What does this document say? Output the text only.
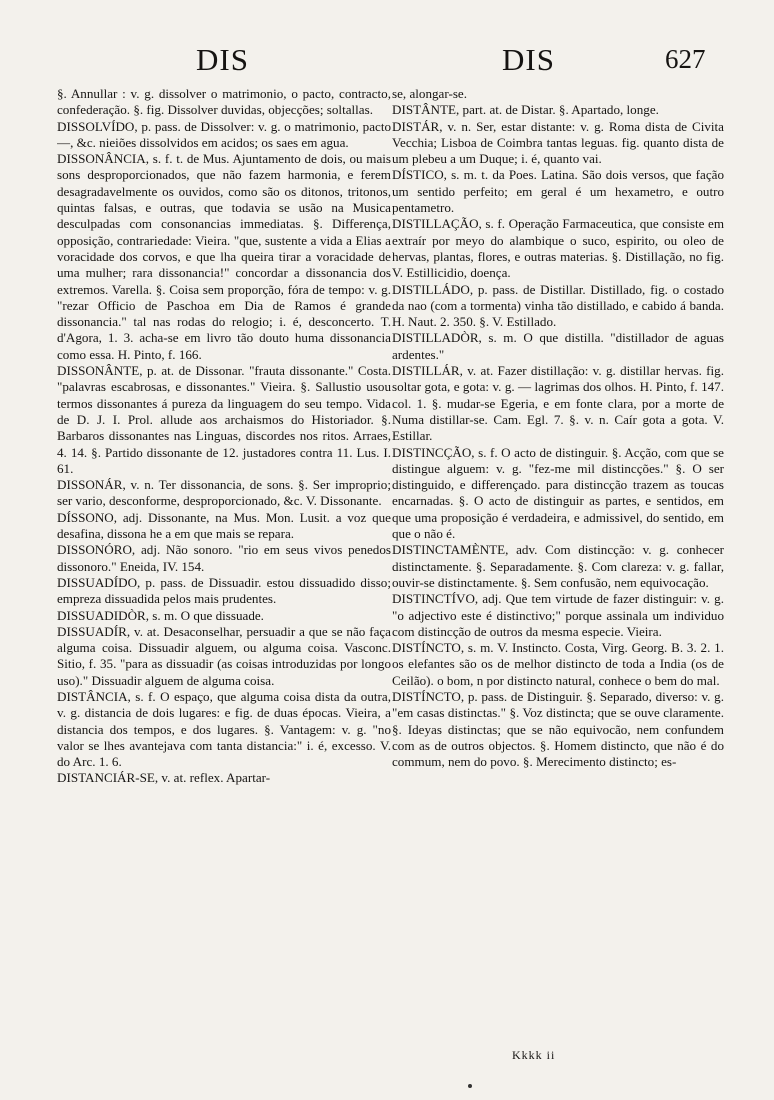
DIS	DIS	627

§. Annullar : v. g. dissolver o matrimonio, o pacto, contracto, confederação. §. fig. Dissolver duvidas, objecções; soltallas.

DISSOLVÍDO, p. pass. de Dissolver: v. g. o matrimonio, pacto —, &c. nieiões dissolvidos em acidos; os saes em agua.

DISSONÂNCIA, s. f. t. de Mus. Ajuntamento de dois, ou mais sons desproporcionados, que não fazem harmonia, e ferem desagradavelmente os ouvidos, como são os ditonos, tritonos, quintas falsas, e outras, que todavia se usão na Musica desculpadas com consonancias immediatas. §. Differença, opposição, contrariedade: Vieira. "que, sustente a vida a Elias a voracidade dos corvos, e que lha queira tirar a voracidade de uma mulher; rara dissonancia!" concordar a dissonancia dos extremos. Varella. §. Coisa sem proporção, fóra de tempo: v. g. "rezar Officio de Paschoa em Dia de Ramos é grande dissonancia." tal nas rodas do relogio; i. é, desconcerto. T. d'Agora, 1. 3. acha-se em livro tão douto huma dissonancia como essa. H. Pinto, f. 166.

DISSONÂNTE, p. at. de Dissonar. "frauta dissonante." Costa. "palavras escabrosas, e dissonantes." Vieira. §. Sallustio usou termos dissonantes á pureza da linguagem do seu tempo. Vida de D. J. I. Prol. allude aos archaismos do Historiador. §. Barbaros dissonantes nas Linguas, discordes nos ritos. Arraes, 4. 14. §. Partido dissonante de 12. justadores contra 11. Lus. I. 61.

DISSONÁR, v. n. Ter dissonancia, de sons. §. Ser improprio; ser vario, desconforme, desproporcionado, &c. V. Dissonante.

DÍSSONO, adj. Dissonante, na Mus. Mon. Lusit. a voz que desafina, dissona he a em que mais se repara.

DISSONÓRO, adj. Não sonoro. "rio em seus vivos penedos dissonoro." Eneida, IV. 154.

DISSUADÍDO, p. pass. de Dissuadir. estou dissuadido disso; empreza dissuadida pelos mais prudentes.

DISSUADIDÒR, s. m. O que dissuade.

DISSUADÍR, v. at. Desaconselhar, persuadir a que se não faça alguma coisa. Dissuadir alguem, ou alguma coisa. Vasconc. Sitio, f. 35. "para as dissuadir (as coisas introduzidas por longo uso)." Dissuadir alguem de alguma coisa.

DISTÂNCIA, s. f. O espaço, que alguma coisa dista da outra, v. g. distancia de dois lugares: e fig. de duas épocas. Vieira, a distancia dos tempos, e dos lugares. §. Vantagem: v. g. "no valor se lhes avantejava com tanta distancia:" i. é, excesso. V. do Arc. 1. 6.

DISTANCIÁR-SE, v. at. reflex. Apartar-

se, alongar-se.

DISTÂNTE, part. at. de Distar. §. Apartado, longe.

DISTÁR, v. n. Ser, estar distante: v. g. Roma dista de Civita Vecchia; Lisboa de Coimbra tantas leguas. fig. quanto dista de um plebeu a um Duque; i. é, quanto vai.

DÍSTICO, s. m. t. da Poes. Latina. São dois versos, que fação um sentido perfeito; em geral é um hexametro, e outro pentametro.

DISTILLAÇÃO, s. f. Operação Farmaceutica, que consiste em extraír por meyo do alambique o suco, espirito, ou oleo de hervas, plantas, flores, e outras materias. §. Distillação, no fig. V. Estillicidio, doença.

DISTILLÁDO, p. pass. de Distillar. Distillado, fig. o costado da nao (com a tormenta) vinha tão distillado, e cabido á banda. H. Naut. 2. 350. §. V. Estillado.

DISTILLADÒR, s. m. O que distilla. "distillador de aguas ardentes."

DISTILLÁR, v. at. Fazer distillação: v. g. distillar hervas. fig. soltar gota, e gota: v. g. — lagrimas dos olhos. H. Pinto, f. 147. col. 1. §. mudar-se Egeria, e em fonte clara, por a morte de Numa distillar-se. Cam. Egl. 7. §. v. n. Caír gota a gota. V. Estillar.

DISTINCÇÃO, s. f. O acto de distinguir. §. Acção, com que se distingue alguem: v. g. "fez-me mil distincções." §. O ser distinguido, e differençado. para distincção trazem as toucas encarnadas. §. O acto de distinguir as partes, e sentidos, em que uma proposição é verdadeira, e admissivel, do sentido, em que o não é.

DISTINCTAMÈNTE, adv. Com distincção: v. g. conhecer distinctamente. §. Separadamente. §. Com clareza: v. g. fallar, ouvir-se distinctamente. §. Sem confusão, nem equivocação.

DISTINCTÍVO, adj. Que tem virtude de fazer distinguir: v. g. "o adjectivo este é distinctivo;" porque assinala um individuo com distincção de outros da mesma especie. Vieira.

DISTÍNCTO, s. m. V. Instincto. Costa, Virg. Georg. B. 3. 2. 1. os elefantes são os de melhor distincto de toda a India (os de Ceilão). o bom, n por distincto natural, conhece o bem do mal.

DISTÍNCTO, p. pass. de Distinguir. §. Separado, diverso: v. g. "em casas distinctas." §. Voz distincta; que se ouve claramente. §. Ideyas distinctas; que se não equivocão, nem confundem com as de outros objectos. §. Homem distincto, que não é do commum, nem do povo. §. Merecimento distincto; es-

Kkkk ii
